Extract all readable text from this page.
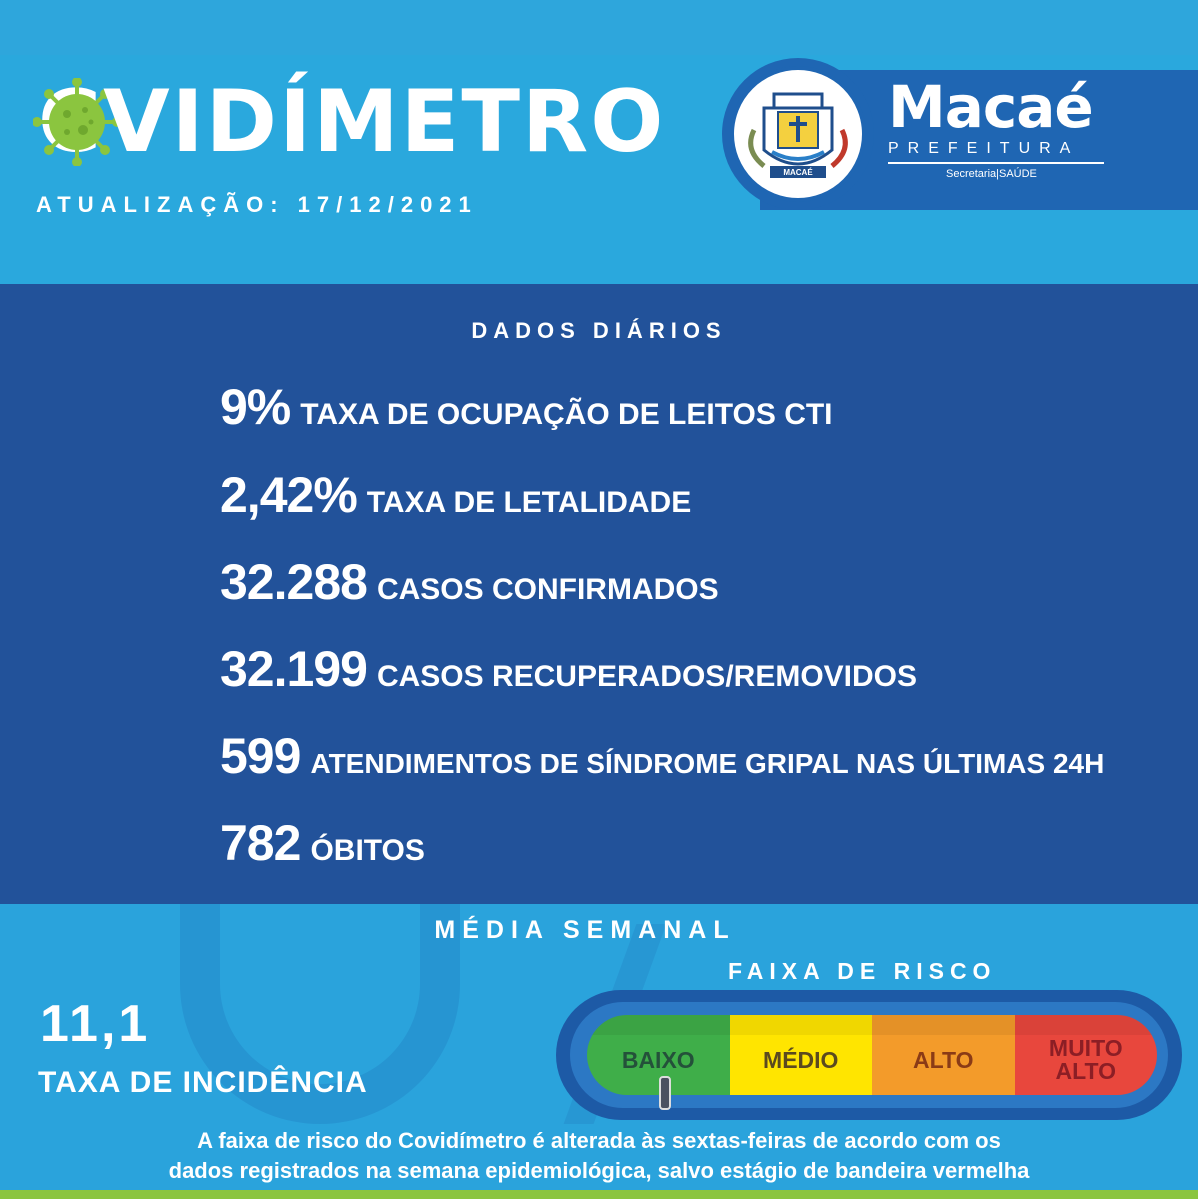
VIDÍMETRO
ATUALIZAÇÃO: 17/12/2021
MACAÉ
Macaé
PREFEITURA
Secretaria|SAÚDE
DADOS DIÁRIOS
9% TAXA DE OCUPAÇÃO DE LEITOS CTI
2,42% TAXA DE LETALIDADE
32.288 CASOS CONFIRMADOS
32.199 CASOS RECUPERADOS/REMOVIDOS
599 ATENDIMENTOS DE SÍNDROME GRIPAL NAS ÚLTIMAS 24H
782 ÓBITOS
MÉDIA SEMANAL
11,1
TAXA DE INCIDÊNCIA
FAIXA DE RISCO
BAIXO	MÉDIO	ALTO	MUITO ALTO
A faixa de risco do Covidímetro é alterada às sextas-feiras de acordo com os
dados registrados na semana epidemiológica, salvo estágio de bandeira vermelha
